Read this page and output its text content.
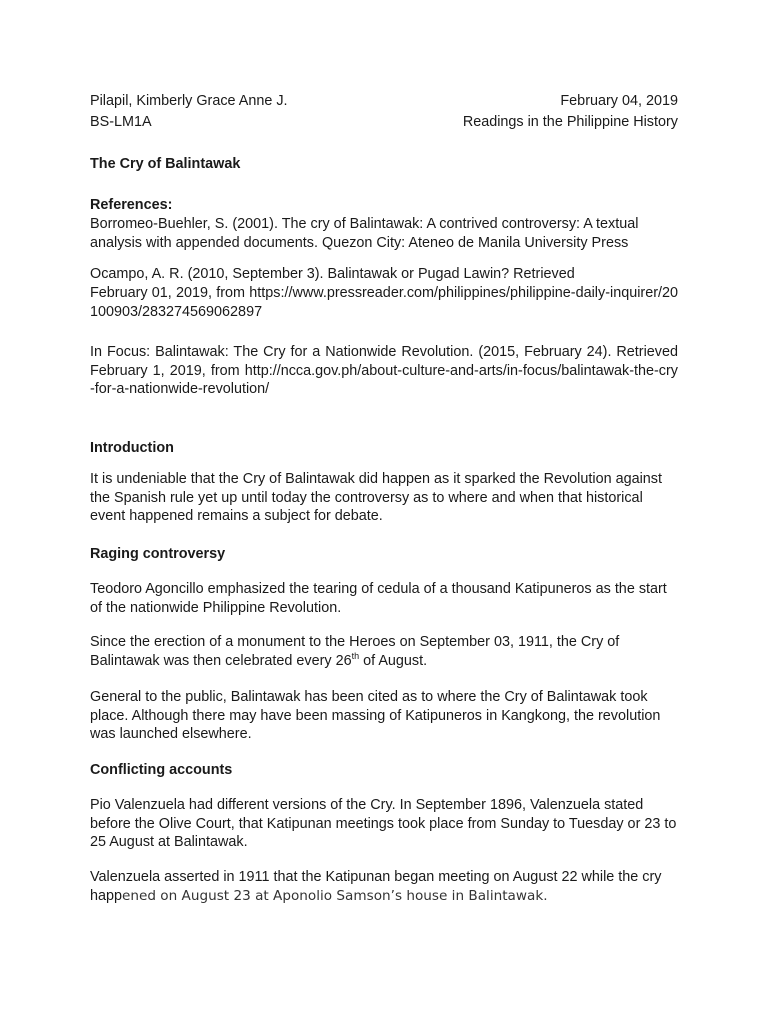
Pilapil, Kimberly Grace Anne J.	February 04, 2019
BS-LM1A	Readings in the Philippine History
The Cry of Balintawak
References:

Borromeo-Buehler, S. (2001). The cry of Balintawak: A contrived controversy: A textual analysis with appended documents. Quezon City: Ateneo de Manila University Press

Ocampo, A. R. (2010, September 3). Balintawak or Pugad Lawin? Retrieved

February 01, 2019, from https://www.pressreader.com/philippines/philippine-daily-inquirer/20100903/283274569062897

In Focus: Balintawak: The Cry for a Nationwide Revolution. (2015, February 24). Retrieved February 1, 2019, from http://ncca.gov.ph/about-culture-and-arts/in-focus/balintawak-the-cry-for-a-nationwide-revolution/

Introduction

It is undeniable that the Cry of Balintawak did happen as it sparked the Revolution against the Spanish rule yet up until today the controversy as to where and when that historical event happened remains a subject for debate.

Raging controversy

Teodoro Agoncillo emphasized the tearing of cedula of a thousand Katipuneros as the start of the nationwide Philippine Revolution.

Since the erection of a monument to the Heroes on September 03, 1911, the Cry of Balintawak was then celebrated every 26th of August.

General to the public, Balintawak has been cited as to where the Cry of Balintawak took place. Although there may have been massing of Katipuneros in Kangkong, the revolution was launched elsewhere.

Conflicting accounts

Pio Valenzuela had different versions of the Cry. In September 1896, Valenzuela stated before the Olive Court, that Katipunan meetings took place from Sunday to Tuesday or 23 to 25 August at Balintawak.

Valenzuela asserted in 1911 that the Katipunan began meeting on August 22 while the cry happened on August 23 at Aponolio Samson’s house in Balintawak.
